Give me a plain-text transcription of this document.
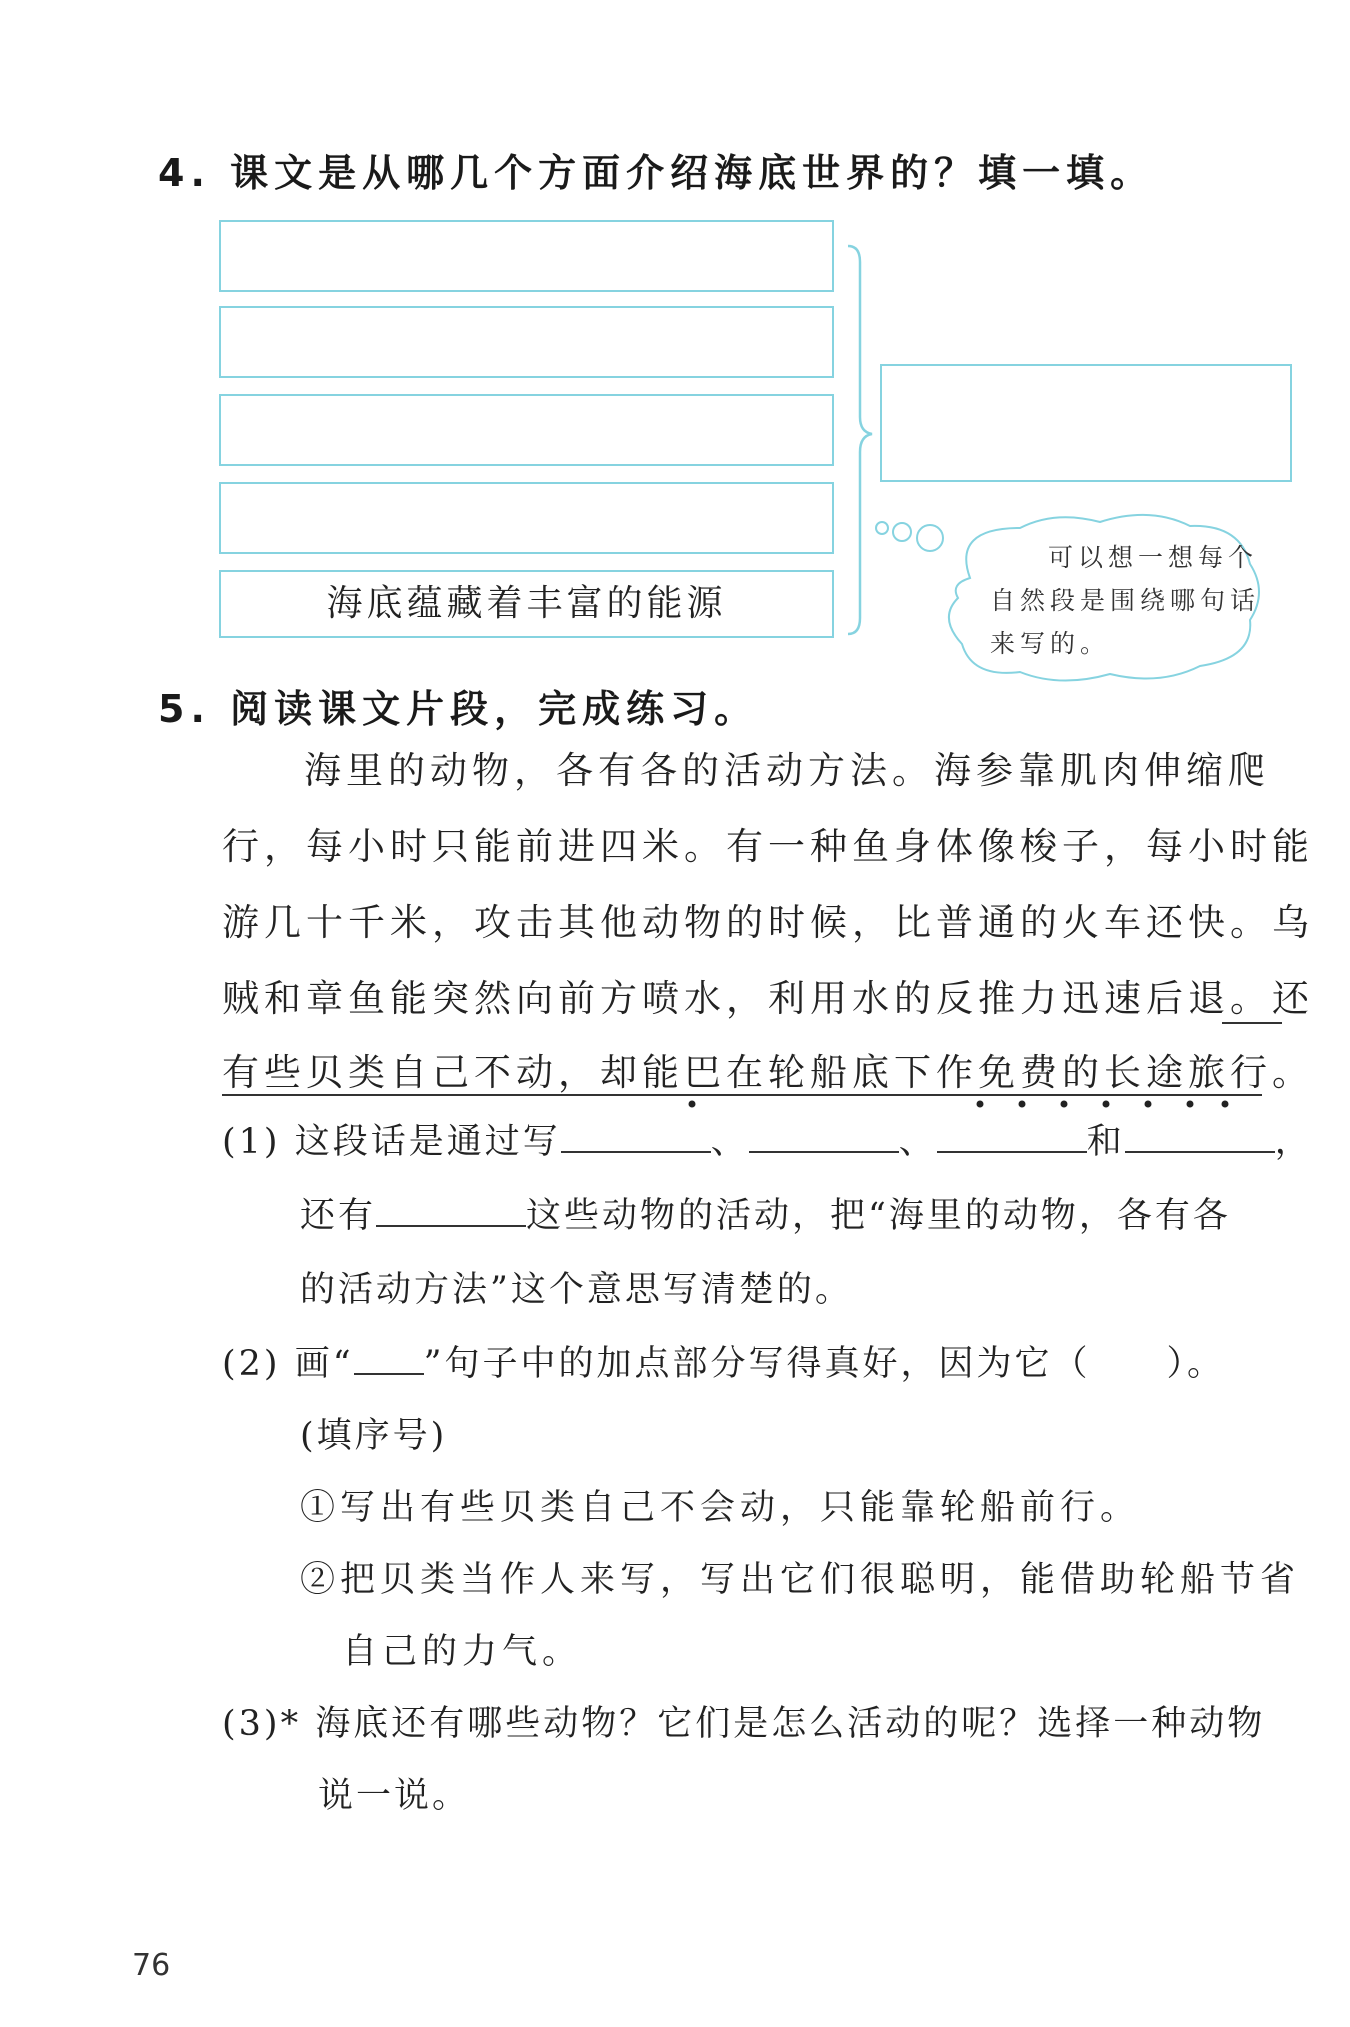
4. 课文是从哪几个方面介绍海底世界的？填一填。
海底蕴藏着丰富的能源
可以想一想每个
自然段是围绕哪句话
来写的。
5. 阅读课文片段，完成练习。
海里的动物，各有各的活动方法。海参靠肌肉伸缩爬
行，每小时只能前进四米。有一种鱼身体像梭子，每小时能
游几十千米，攻击其他动物的时候，比普通的火车还快。乌
贼和章鱼能突然向前方喷水，利用水的反推力迅速后退。还
有些贝类自己不动，却能巴在轮船底下作免费的长途旅行。
(1) 这段话是通过写	、	、	和	，
还有	这些动物的活动，把“海里的动物，各有各
的活动方法”这个意思写清楚的。
(2) 画“ ”句子中的加点部分写得真好，因为它（　　）。
(填序号)
①写出有些贝类自己不会动，只能靠轮船前行。
②把贝类当作人来写，写出它们很聪明，能借助轮船节省
自己的力气。
(3)* 海底还有哪些动物？它们是怎么活动的呢？选择一种动物
说一说。
76
